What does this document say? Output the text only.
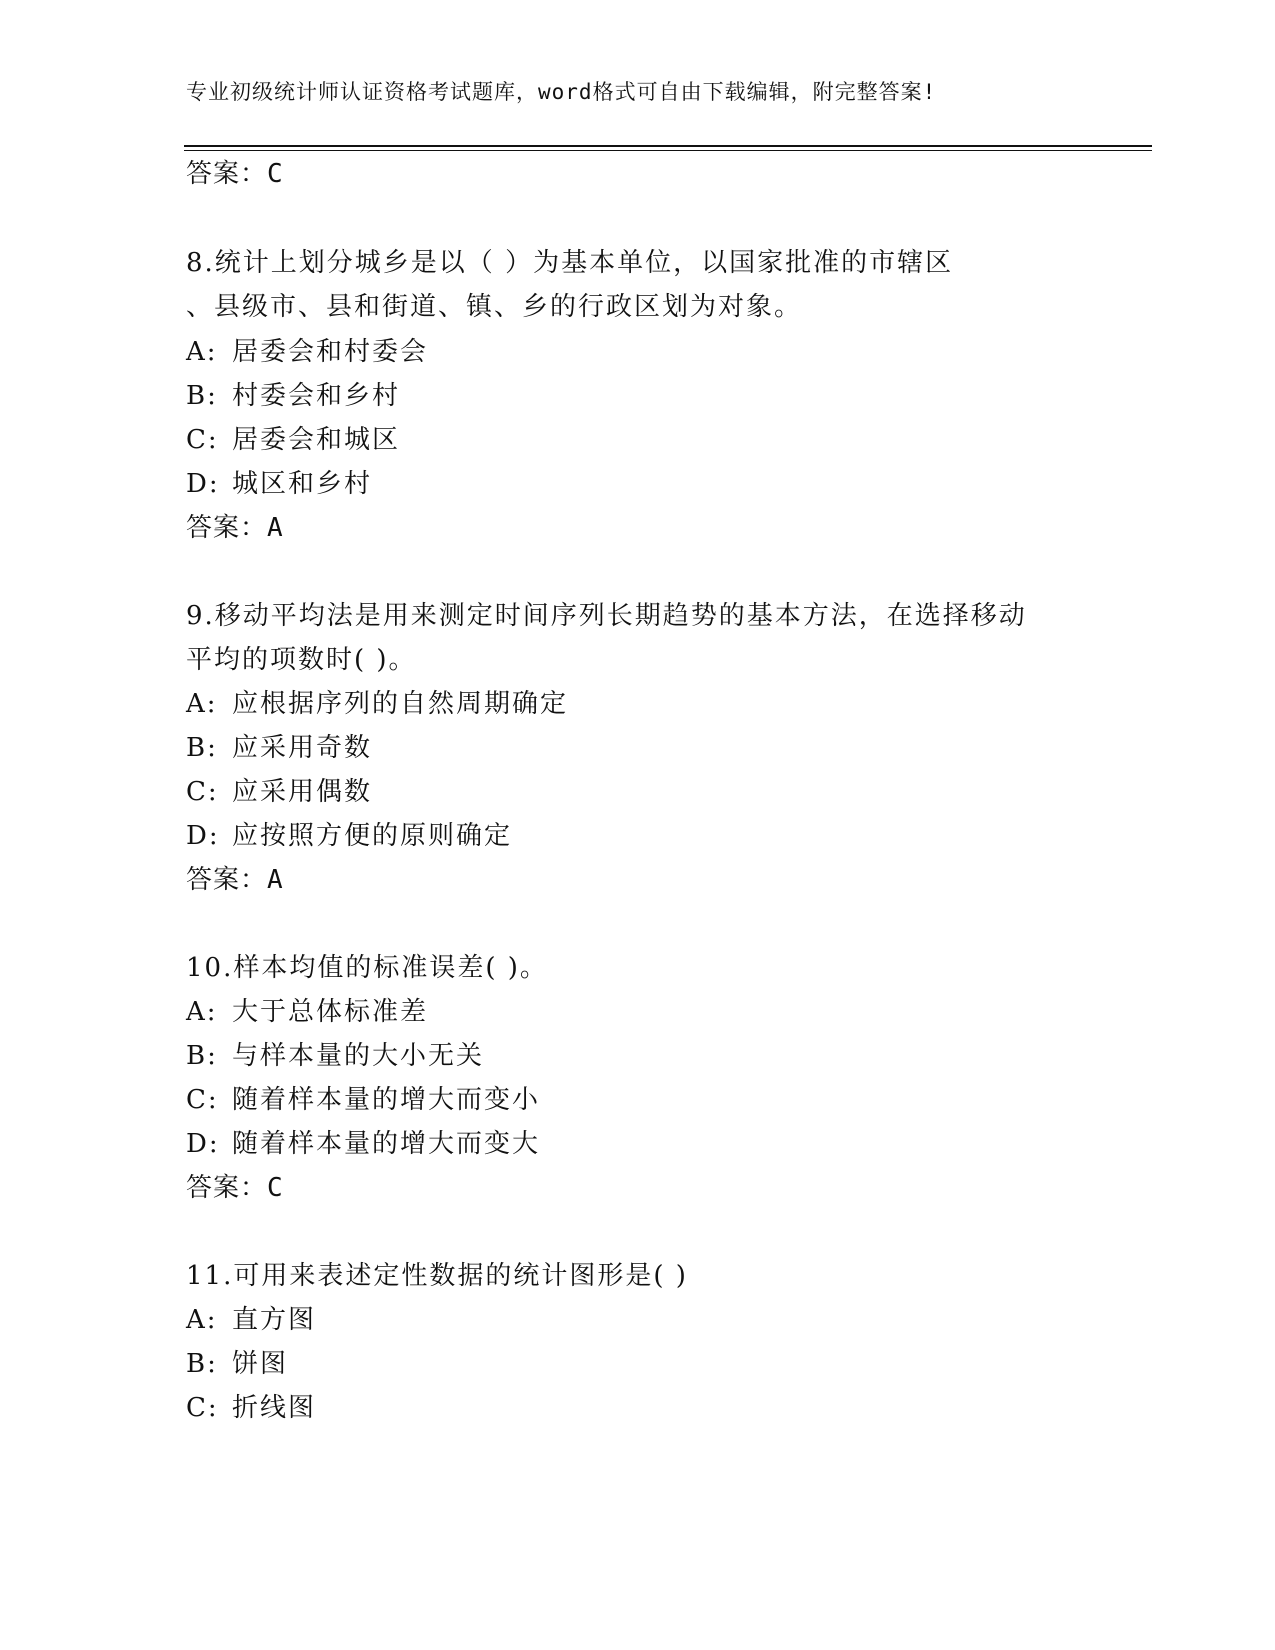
专业初级统计师认证资格考试题库，word格式可自由下载编辑，附完整答案!
答案：C
8.统计上划分城乡是以（ ）为基本单位，以国家批准的市辖区
、县级市、县和街道、镇、乡的行政区划为对象。
A: 居委会和村委会
B: 村委会和乡村
C: 居委会和城区
D: 城区和乡村
答案：A
9.移动平均法是用来测定时间序列长期趋势的基本方法，在选择移动
平均的项数时( )。
A: 应根据序列的自然周期确定
B: 应采用奇数
C: 应采用偶数
D: 应按照方便的原则确定
答案：A
10.样本均值的标准误差( )。
A: 大于总体标准差
B: 与样本量的大小无关
C: 随着样本量的增大而变小
D: 随着样本量的增大而变大
答案：C
11.可用来表述定性数据的统计图形是( )
A: 直方图
B: 饼图
C: 折线图
